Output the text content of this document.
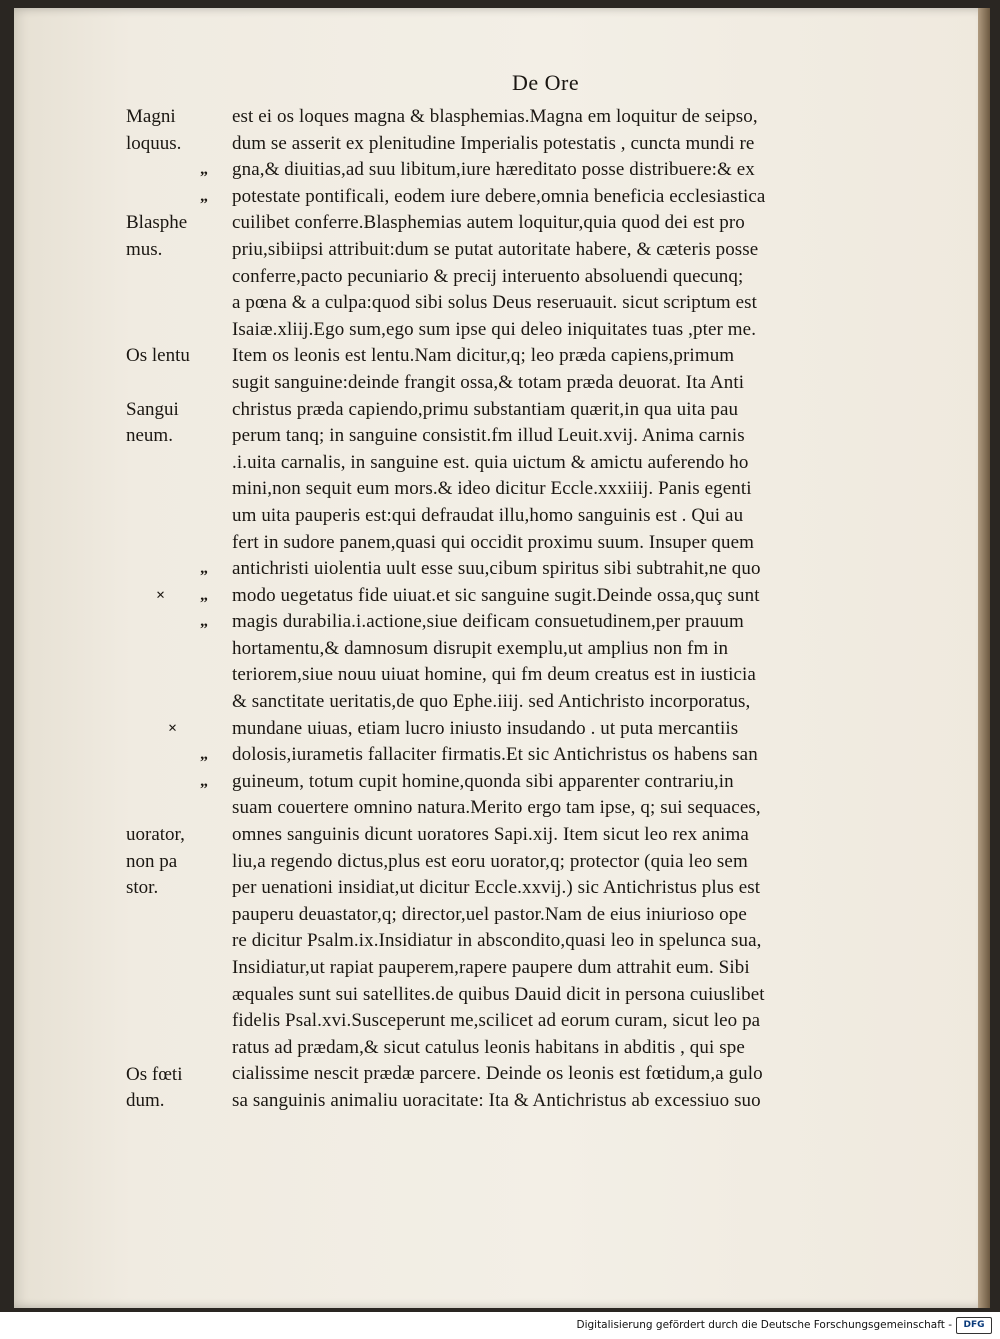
De Ore
est ei os loques magna & blasphemias.Magna em loquitur de seipso,
dum se asserit ex plenitudine Imperialis potestatis , cuncta mundi re
gna,& diuitias,ad suu libitum,iure hæreditato posse distribuere:& ex
potestate pontificali, eodem iure debere,omnia beneficia ecclesiastica
cuilibet conferre.Blasphemias autem loquitur,quia quod dei est pro
priu,sibiipsi attribuit:dum se putat autoritate habere, & cæteris posse
conferre,pacto pecuniario & precij interuento absoluendi quecunq;
a pœna & a culpa:quod sibi solus Deus reseruauit. sicut scriptum est
Isaiæ.xliij.Ego sum,ego sum ipse qui deleo iniquitates tuas ,pter me.
Item os leonis est lentu.Nam dicitur,q; leo præda capiens,primum
sugit sanguine:deinde frangit ossa,& totam præda deuorat. Ita Anti
christus præda capiendo,primu substantiam quærit,in qua uita pau
perum tanq; in sanguine consistit.fm illud Leuit.xvij. Anima carnis
.i.uita carnalis, in sanguine est. quia uictum & amictu auferendo ho
mini,non sequit eum mors.& ideo dicitur Eccle.xxxiiij. Panis egenti
um uita pauperis est:qui defraudat illu,homo sanguinis est . Qui au
fert in sudore panem,quasi qui occidit proximu suum. Insuper quem
antichristi uiolentia uult esse suu,cibum spiritus sibi subtrahit,ne quo
modo uegetatus fide uiuat.et sic sanguine sugit.Deinde ossa,quç sunt
magis durabilia.i.actione,siue deificam consuetudinem,per prauum
hortamentu,& damnosum disrupit exemplu,ut amplius non fm in
teriorem,siue nouu uiuat homine, qui fm deum creatus est in iusticia
& sanctitate ueritatis,de quo Ephe.iiij. sed Antichristo incorporatus,
mundane uiuas, etiam lucro iniusto insudando . ut puta mercantiis
dolosis,iurametis fallaciter firmatis.Et sic Antichristus os habens san
guineum, totum cupit homine,quonda sibi apparenter contrariu,in
suam couertere omnino natura.Merito ergo tam ipse, q; sui sequaces,
omnes sanguinis dicunt uoratores Sapi.xij. Item sicut leo rex anima
liu,a regendo dictus,plus est eoru uorator,q; protector (quia leo sem
per uenationi insidiat,ut dicitur Eccle.xxvij.) sic Antichristus plus est
pauperu deuastator,q; director,uel pastor.Nam de eius iniurioso ope
re dicitur Psalm.ix.Insidiatur in abscondito,quasi leo in spelunca sua,
Insidiatur,ut rapiat pauperem,rapere paupere dum attrahit eum. Sibi
æquales sunt sui satellites.de quibus Dauid dicit in persona cuiuslibet
fidelis Psal.xvi.Susceperunt me,scilicet ad eorum curam, sicut leo pa
ratus ad prædam,& sicut catulus leonis habitans in abditis , qui spe
cialissime nescit prædæ parcere. Deinde os leonis est fœtidum,a gulo
sa sanguinis animaliu uoracitate: Ita & Antichristus ab excessiuo suo
Magni
loquus.
Blasphe
mus.
Os lentu
Sangui
neum.
uorator,
non pa
stor.
Os fœti
dum.
„
„
„
× „
„
×
„
„
Digitalisierung gefördert durch die Deutsche Forschungsgemeinschaft -	DFG
